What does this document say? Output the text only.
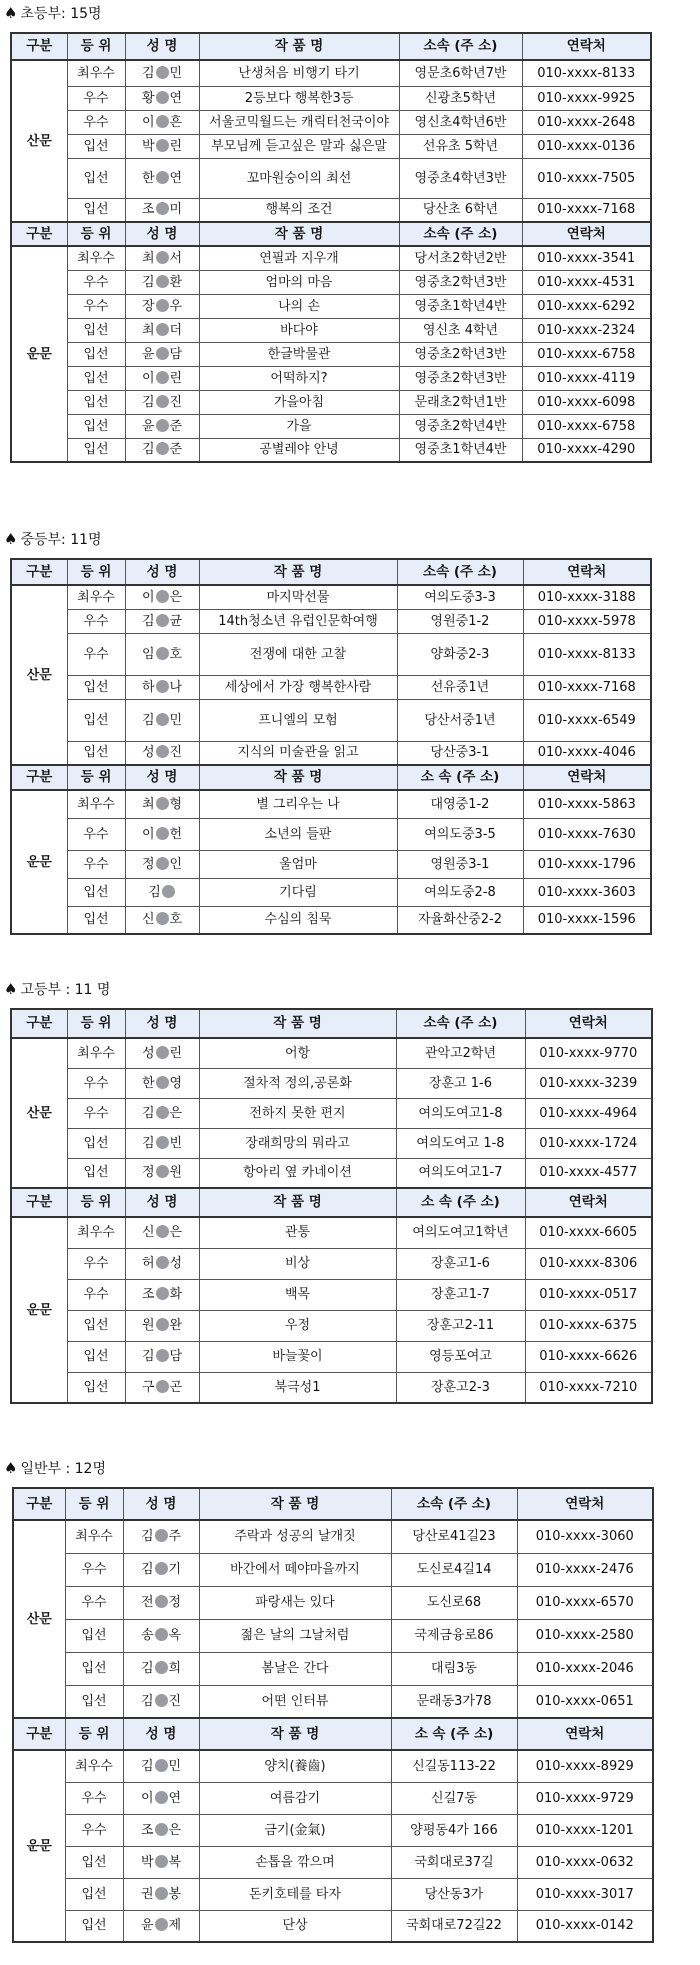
♠ 초등부: 15명
구분	등 위	성 명	작 품 명	소속 (주 소)	연락처
산문	최우수	김 민	난생처음 비행기 타기	영문초6학년7반	010-xxxx-8133
	우수	황 연	2등보다 행복한3등	신광초5학년	010-xxxx-9925
	우수	이 흔	서울코믹월드는 캐릭터천국이야	영신초4학년6반	010-xxxx-2648
	입선	박 린	부모님께 듣고싶은 말과 싫은말	선유초 5학년	010-xxxx-0136
	입선	한 연	꼬마원숭이의 최선	영중초4학년3반	010-xxxx-7505
	입선	조 미	행복의 조건	당산초 6학년	010-xxxx-7168
구분	등 위	성 명	작 품 명	소속 (주 소)	연락처
운문	최우수	최 서	연필과 지우개	당서초2학년2반	010-xxxx-3541
	우수	김 환	엄마의 마음	영중초2학년3반	010-xxxx-4531
	우수	장 우	나의 손	영중초1학년4반	010-xxxx-6292
	입선	최 더	바다야	영신초 4학년	010-xxxx-2324
	입선	윤 담	한글박물관	영중초2학년3반	010-xxxx-6758
	입선	이 린	어떡하지?	영중초2학년3반	010-xxxx-4119
	입선	김 진	가을아침	문래초2학년1반	010-xxxx-6098
	입선	윤 준	가을	영중초2학년4반	010-xxxx-6758
	입선	김 준	공별레야 안녕	영중초1학년4반	010-xxxx-4290
♠ 중등부: 11명
구분	등 위	성 명	작 품 명	소속 (주 소)	연락처
산문	최우수	이 은	마지막선물	여의도중3-3	010-xxxx-3188
	우수	김 균	14th청소년 유럽인문학여행	영원중1-2	010-xxxx-5978
	우수	임 호	전쟁에 대한 고찰	양화중2-3	010-xxxx-8133
	입선	하 나	세상에서 가장 행복한사람	선유중1년	010-xxxx-7168
	입선	김 민	프니엘의 모험	당산서중1년	010-xxxx-6549
	입선	성 진	지식의 미술관을 읽고	당산중3-1	010-xxxx-4046
구분	등 위	성 명	작 품 명	소 속 (주 소)	연락처
운문	최우수	최 형	별 그리우는 나	대영중1-2	010-xxxx-5863
	우수	이 헌	소년의 들판	여의도중3-5	010-xxxx-7630
	우수	정 인	울엄마	영원중3-1	010-xxxx-1796
	입선	김	기다림	여의도중2-8	010-xxxx-3603
	입선	신 호	수심의 침묵	자율화산중2-2	010-xxxx-1596
♠ 고등부 : 11 명
구분	등 위	성 명	작 품 명	소속 (주 소)	연락처
산문	최우수	성 린	어항	관악고2학년	010-xxxx-9770
	우수	한 영	절차적 정의,공론화	장훈고 1-6	010-xxxx-3239
	우수	김 은	전하지 못한 편지	여의도여고1-8	010-xxxx-4964
	입선	김 빈	장래희망의 뭐라고	여의도여고 1-8	010-xxxx-1724
	입선	정 원	항아리 옆 카네이션	여의도여고1-7	010-xxxx-4577
구분	등 위	성 명	작 품 명	소 속 (주 소)	연락처
운문	최우수	신 은	관통	여의도여고1학년	010-xxxx-6605
	우수	허 성	비상	장훈고1-6	010-xxxx-8306
	우수	조 화	백목	장훈고1-7	010-xxxx-0517
	입선	원 완	우정	장훈고2-11	010-xxxx-6375
	입선	김 담	바늘꽃이	영등포여고	010-xxxx-6626
	입선	구 곤	북극성1	장훈고2-3	010-xxxx-7210
♠ 일반부 : 12명
구분	등 위	성 명	작 품 명	소속 (주 소)	연락처
산문	최우수	김 주	주락과 성공의 날개짓	당산로41길23	010-xxxx-3060
	우수	김 기	바간에서 떼야마을까지	도신로4길14	010-xxxx-2476
	우수	전 정	파랑새는 있다	도신로68	010-xxxx-6570
	입선	송 옥	젊은 날의 그날처럼	국제금융로86	010-xxxx-2580
	입선	김 희	봄날은 간다	대림3동	010-xxxx-2046
	입선	김 진	어떤 인터뷰	문래동3가78	010-xxxx-0651
구분	등 위	성 명	작 품 명	소 속 (주 소)	연락처
운문	최우수	김 민	양치(養齒)	신길동113-22	010-xxxx-8929
	우수	이 연	여름감기	신길7동	010-xxxx-9729
	우수	조 은	금기(金氣)	양평동4가 166	010-xxxx-1201
	입선	박 복	손톱을 깎으며	국회대로37길	010-xxxx-0632
	입선	권 봉	돈키호테를 타자	당산동3가	010-xxxx-3017
	입선	윤 제	단상	국회대로72길22	010-xxxx-0142
